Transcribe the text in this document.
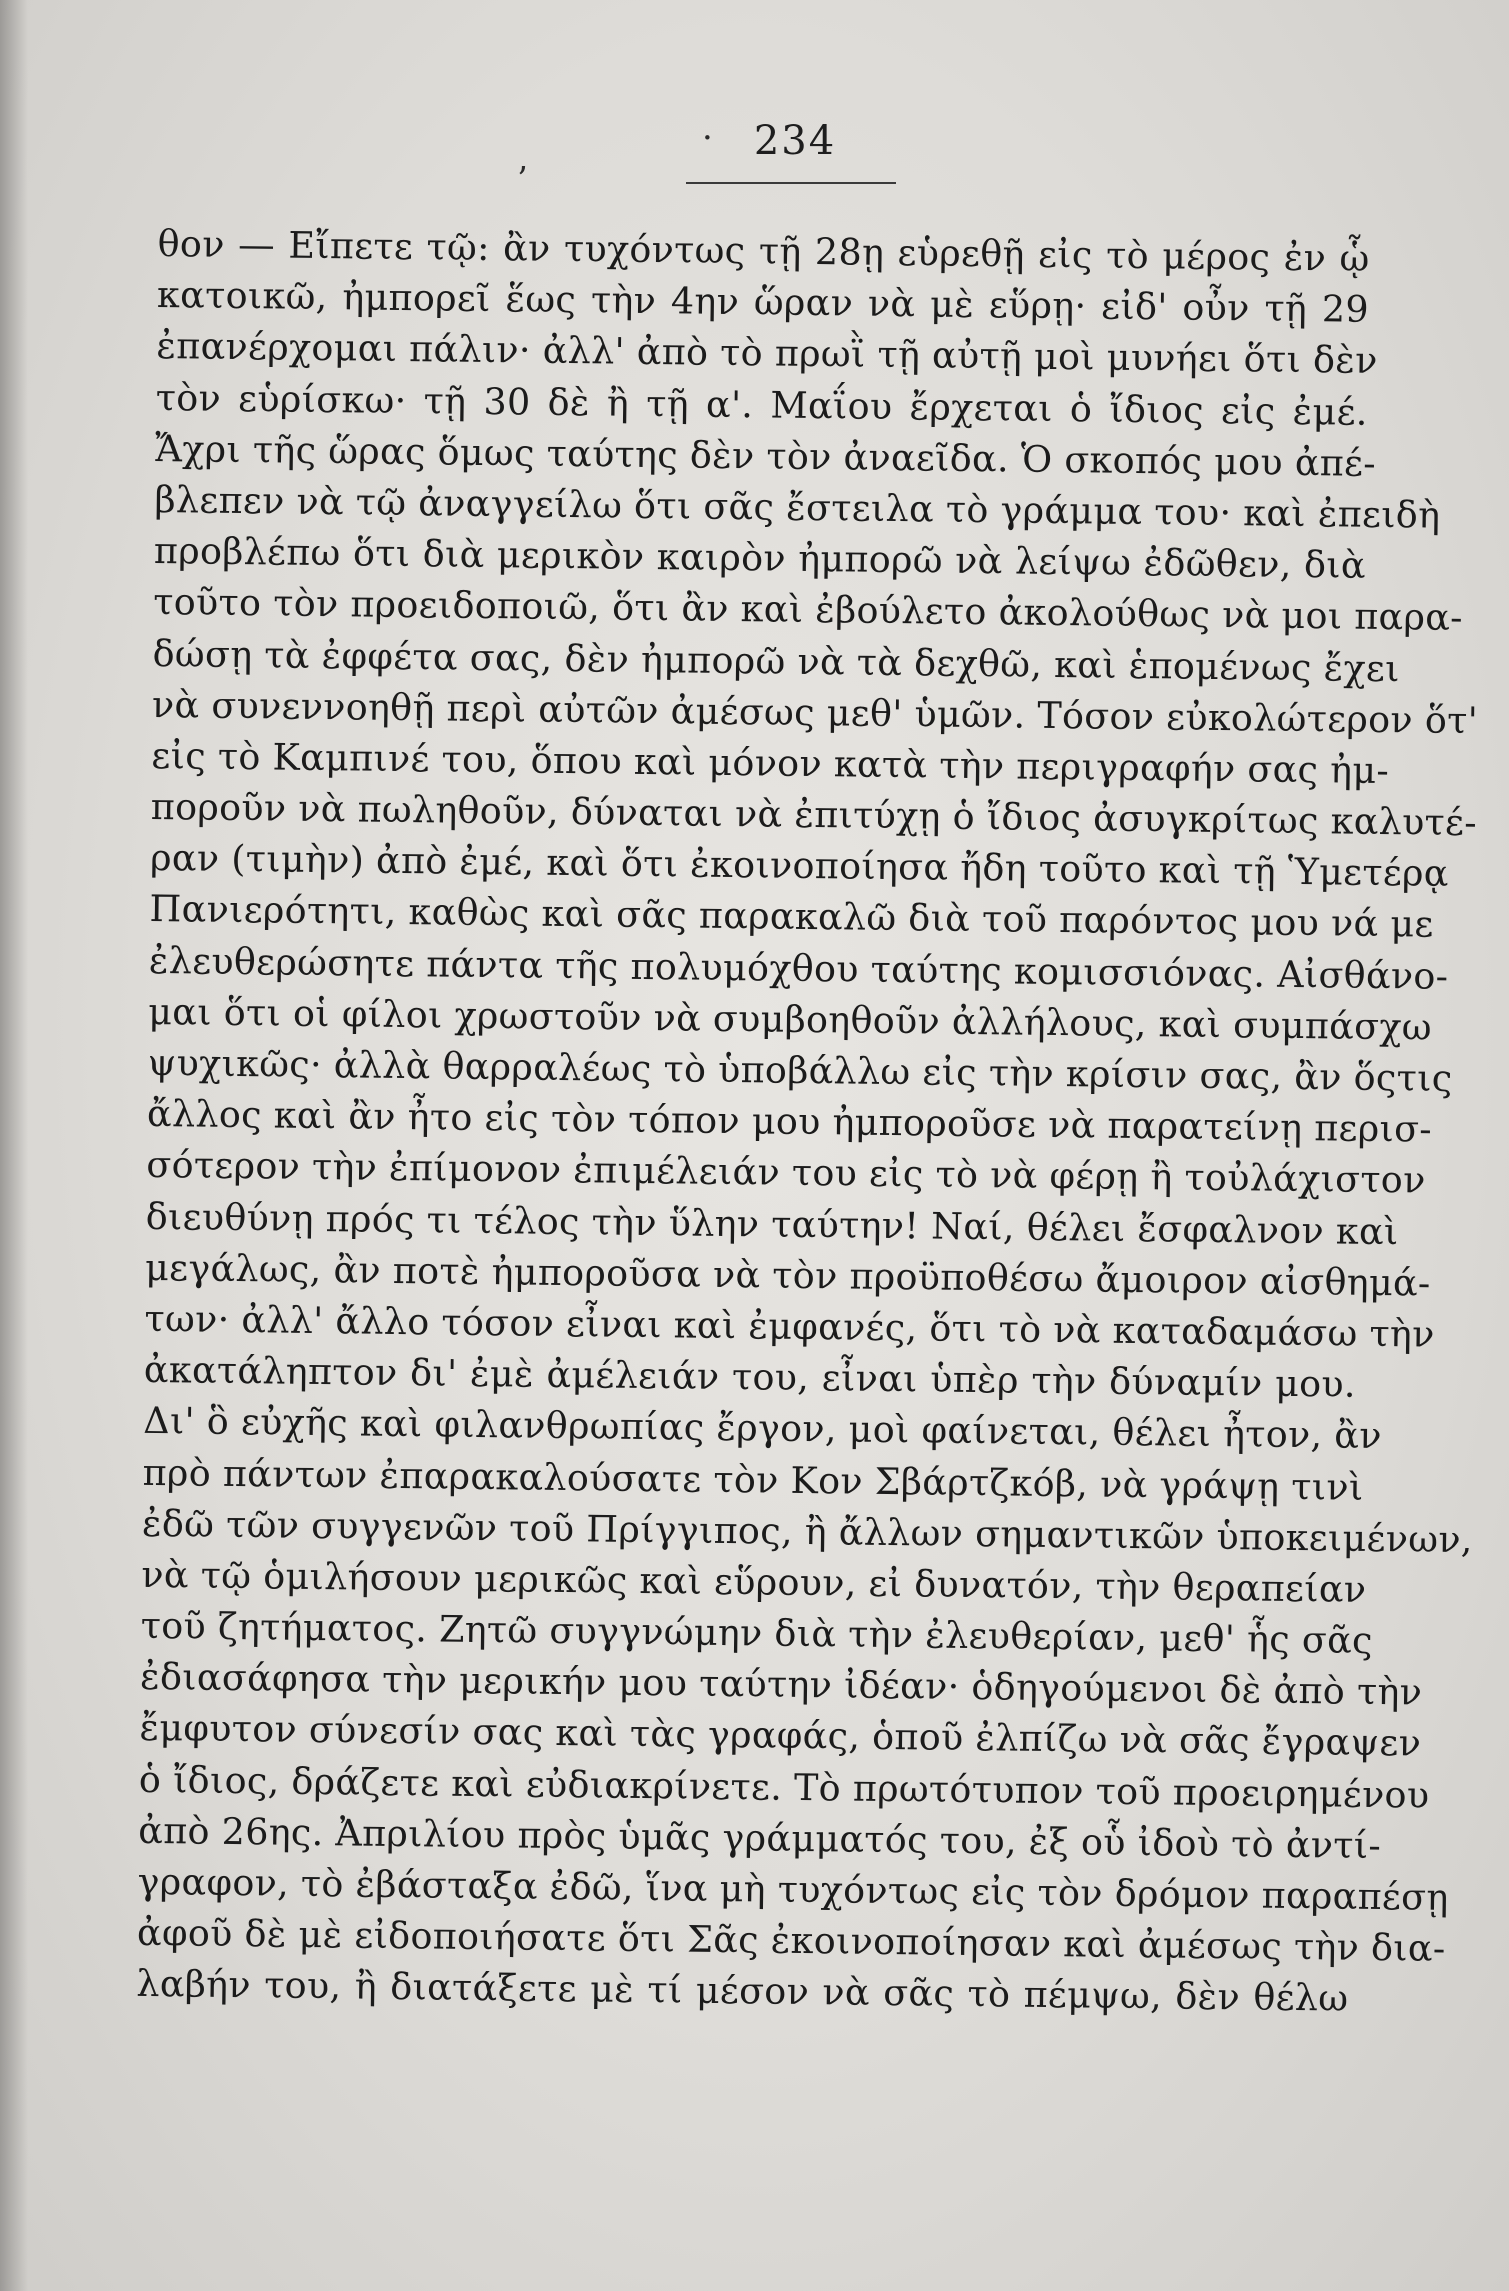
·
ʼ
234
θον — Εἴπετε τῷ: ἂν τυχόντως τῇ 28ῃ εὑρεθῇ εἰς τὸ μέρος ἐν ᾧ
κατοικῶ, ἠμπορεῖ ἕως τὴν 4ην ὥραν νὰ μὲ εὕρῃ· εἰδ' οὖν τῇ 29
ἐπανέρχομαι πάλιν· ἀλλ' ἀπὸ τὸ πρωῒ τῇ αὐτῇ μοὶ μυνήει ὅτι δὲν
τὸν εὑρίσκω· τῇ 30 δὲ ἢ τῇ α'. Μαΐου ἔρχεται ὁ ἴδιος εἰς ἐμέ.
Ἄχρι τῆς ὥρας ὅμως ταύτης δὲν τὸν ἀναεῖδα. Ὁ σκοπός μου ἀπέ-
βλεπεν νὰ τῷ ἀναγγείλω ὅτι σᾶς ἔστειλα τὸ γράμμα του· καὶ ἐπειδὴ
προβλέπω ὅτι διὰ μερικὸν καιρὸν ἠμπορῶ νὰ λείψω ἐδῶθεν, διὰ
τοῦτο τὸν προειδοποιῶ, ὅτι ἂν καὶ ἐβούλετο ἀκολούθως νὰ μοι παρα-
δώσῃ τὰ ἐφφέτα σας, δὲν ἠμπορῶ νὰ τὰ δεχθῶ, καὶ ἑπομένως ἔχει
νὰ συνεννοηθῇ περὶ αὐτῶν ἀμέσως μεθ' ὑμῶν. Τόσον εὐκολώτερον ὅτ'
εἰς τὸ Καμπινέ του, ὅπου καὶ μόνον κατὰ τὴν περιγραφήν σας ἠμ-
ποροῦν νὰ πωληθοῦν, δύναται νὰ ἐπιτύχῃ ὁ ἴδιος ἀσυγκρίτως καλυτέ-
ραν (τιμὴν) ἀπὸ ἐμέ, καὶ ὅτι ἐκοινοποίησα ἤδη τοῦτο καὶ τῇ Ὑμετέρᾳ
Πανιερότητι, καθὼς καὶ σᾶς παρακαλῶ διὰ τοῦ παρόντος μου νά με
ἐλευθερώσητε πάντα τῆς πολυμόχθου ταύτης κομισσιόνας. Αἰσθάνο-
μαι ὅτι οἱ φίλοι χρωστοῦν νὰ συμβοηθοῦν ἀλλήλους, καὶ συμπάσχω
ψυχικῶς· ἀλλὰ θαρραλέως τὸ ὑποβάλλω εἰς τὴν κρίσιν σας, ἂν ὅςτις
ἄλλος καὶ ἂν ἦτο εἰς τὸν τόπον μου ἠμποροῦσε νὰ παρατείνῃ περισ-
σότερον τὴν ἐπίμονον ἐπιμέλειάν του εἰς τὸ νὰ φέρῃ ἢ τοὐλάχιστον
διευθύνῃ πρός τι τέλος τὴν ὕλην ταύτην! Ναί, θέλει ἔσφαλνον καὶ
μεγάλως, ἂν ποτὲ ἠμποροῦσα νὰ τὸν προϋποθέσω ἄμοιρον αἰσθημά-
των· ἀλλ' ἄλλο τόσον εἶναι καὶ ἐμφανές, ὅτι τὸ νὰ καταδαμάσω τὴν
ἀκατάληπτον δι' ἐμὲ ἀμέλειάν του, εἶναι ὑπὲρ τὴν δύναμίν μου.
Δι' ὃ εὐχῆς καὶ φιλανθρωπίας ἔργον, μοὶ φαίνεται, θέλει ἦτον, ἂν
πρὸ πάντων ἐπαρακαλούσατε τὸν Κον Σβάρτζκόβ, νὰ γράψῃ τινὶ
ἐδῶ τῶν συγγενῶν τοῦ Πρίγγιπος, ἢ ἄλλων σημαντικῶν ὑποκειμένων,
νὰ τῷ ὁμιλήσουν μερικῶς καὶ εὕρουν, εἰ δυνατόν, τὴν θεραπείαν
τοῦ ζητήματος. Ζητῶ συγγνώμην διὰ τὴν ἐλευθερίαν, μεθ' ἧς σᾶς
ἐδιασάφησα τὴν μερικήν μου ταύτην ἰδέαν· ὁδηγούμενοι δὲ ἀπὸ τὴν
ἔμφυτον σύνεσίν σας καὶ τὰς γραφάς, ὁποῦ ἐλπίζω νὰ σᾶς ἔγραψεν
ὁ ἴδιος, δράζετε καὶ εὐδιακρίνετε. Τὸ πρωτότυπον τοῦ προειρημένου
ἀπὸ 26ης. Ἀπριλίου πρὸς ὑμᾶς γράμματός του, ἐξ οὗ ἰδοὺ τὸ ἀντί-
γραφον, τὸ ἐβάσταξα ἐδῶ, ἵνα μὴ τυχόντως εἰς τὸν δρόμον παραπέσῃ
ἀφοῦ δὲ μὲ εἰδοποιήσατε ὅτι Σᾶς ἐκοινοποίησαν καὶ ἀμέσως τὴν δια-
λαβήν του, ἢ διατάξετε μὲ τί μέσον νὰ σᾶς τὸ πέμψω, δὲν θέλω
